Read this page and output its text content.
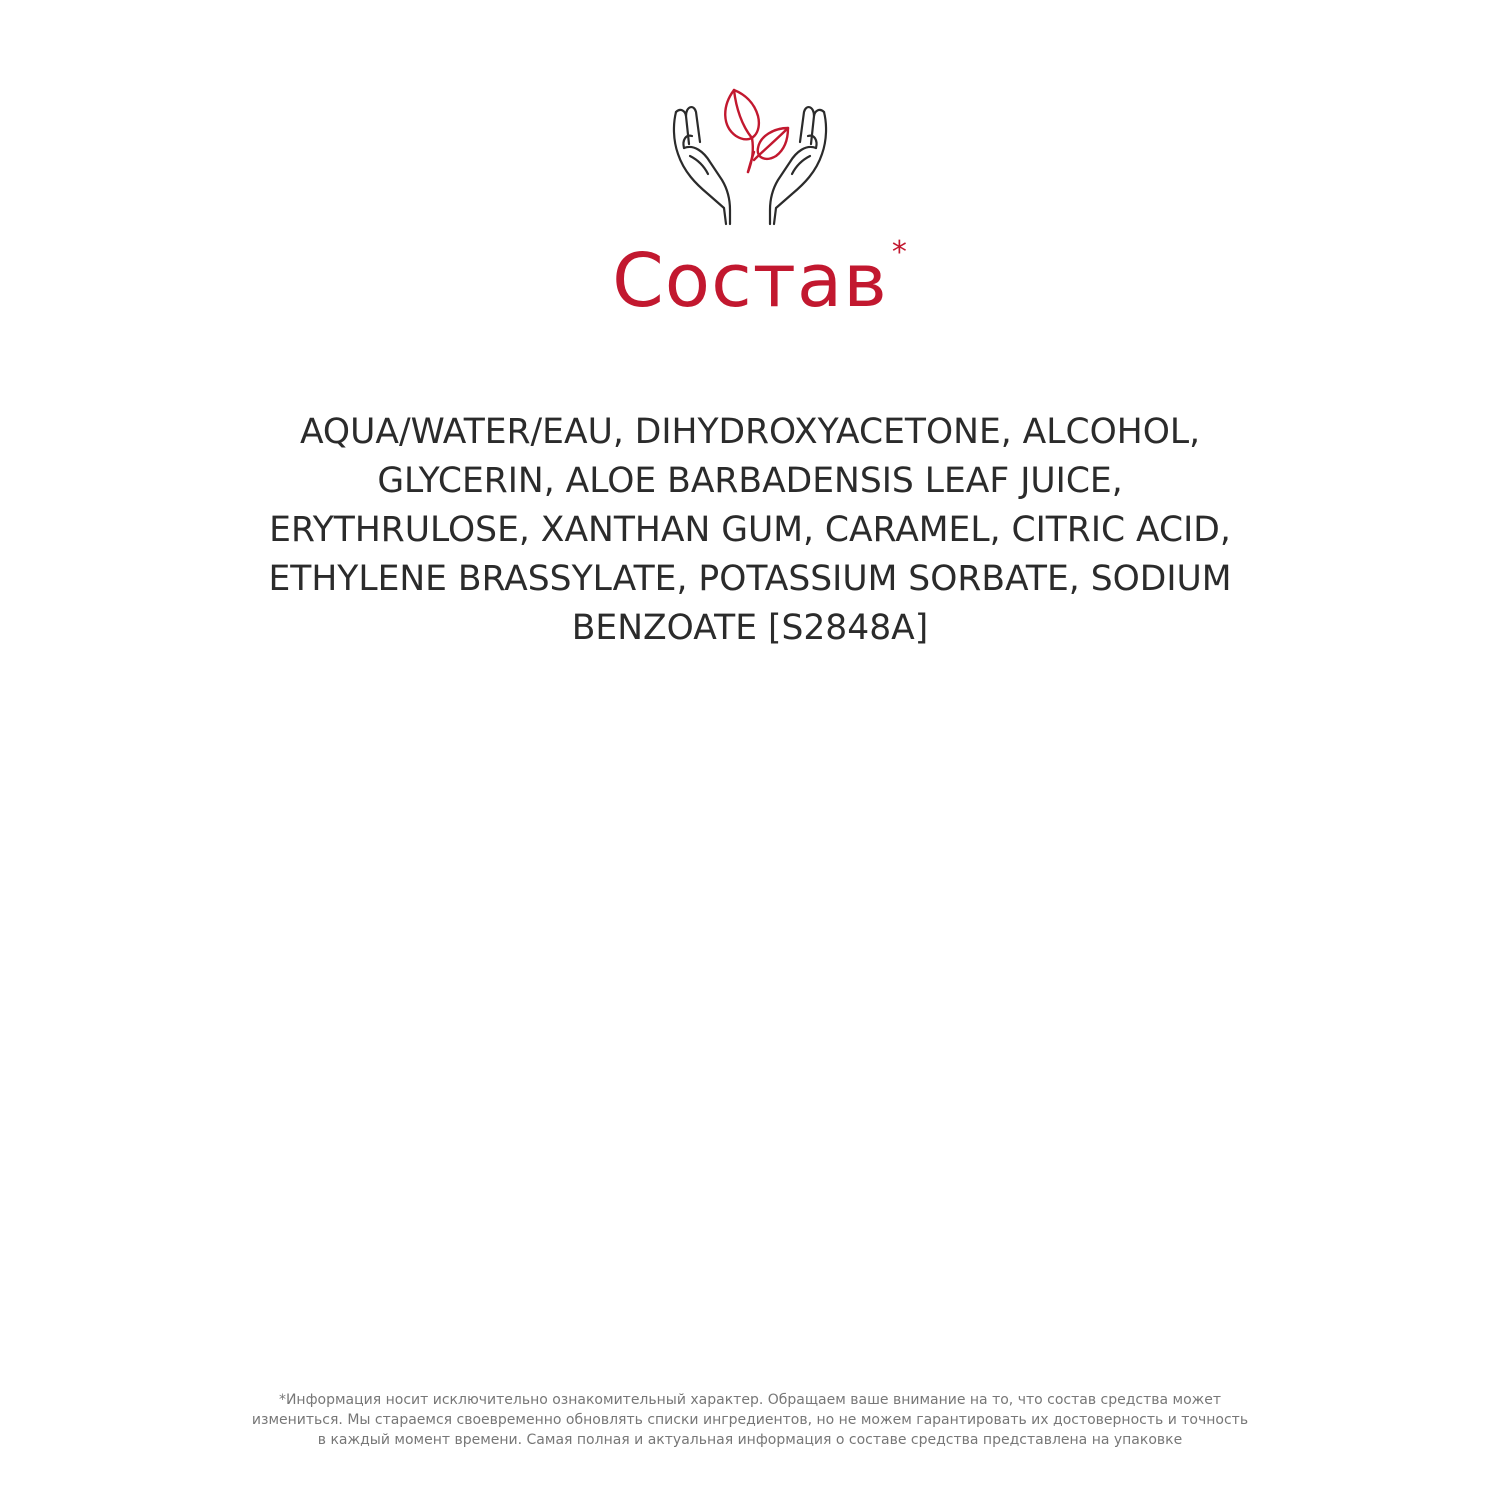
Состав *

AQUA/WATER/EAU, DIHYDROXYACETONE, ALCOHOL,
GLYCERIN, ALOE BARBADENSIS LEAF JUICE,
ERYTHRULOSE, XANTHAN GUM, CARAMEL, CITRIC ACID,
ETHYLENE BRASSYLATE, POTASSIUM SORBATE, SODIUM
BENZOATE [S2848A]

*Информация носит исключительно ознакомительный характер. Обращаем ваше внимание на то, что состав средства может
измениться. Мы стараемся своевременно обновлять списки ингредиентов, но не можем гарантировать их достоверность и точность
в каждый момент времени. Самая полная и актуальная информация о составе средства представлена на упаковке
